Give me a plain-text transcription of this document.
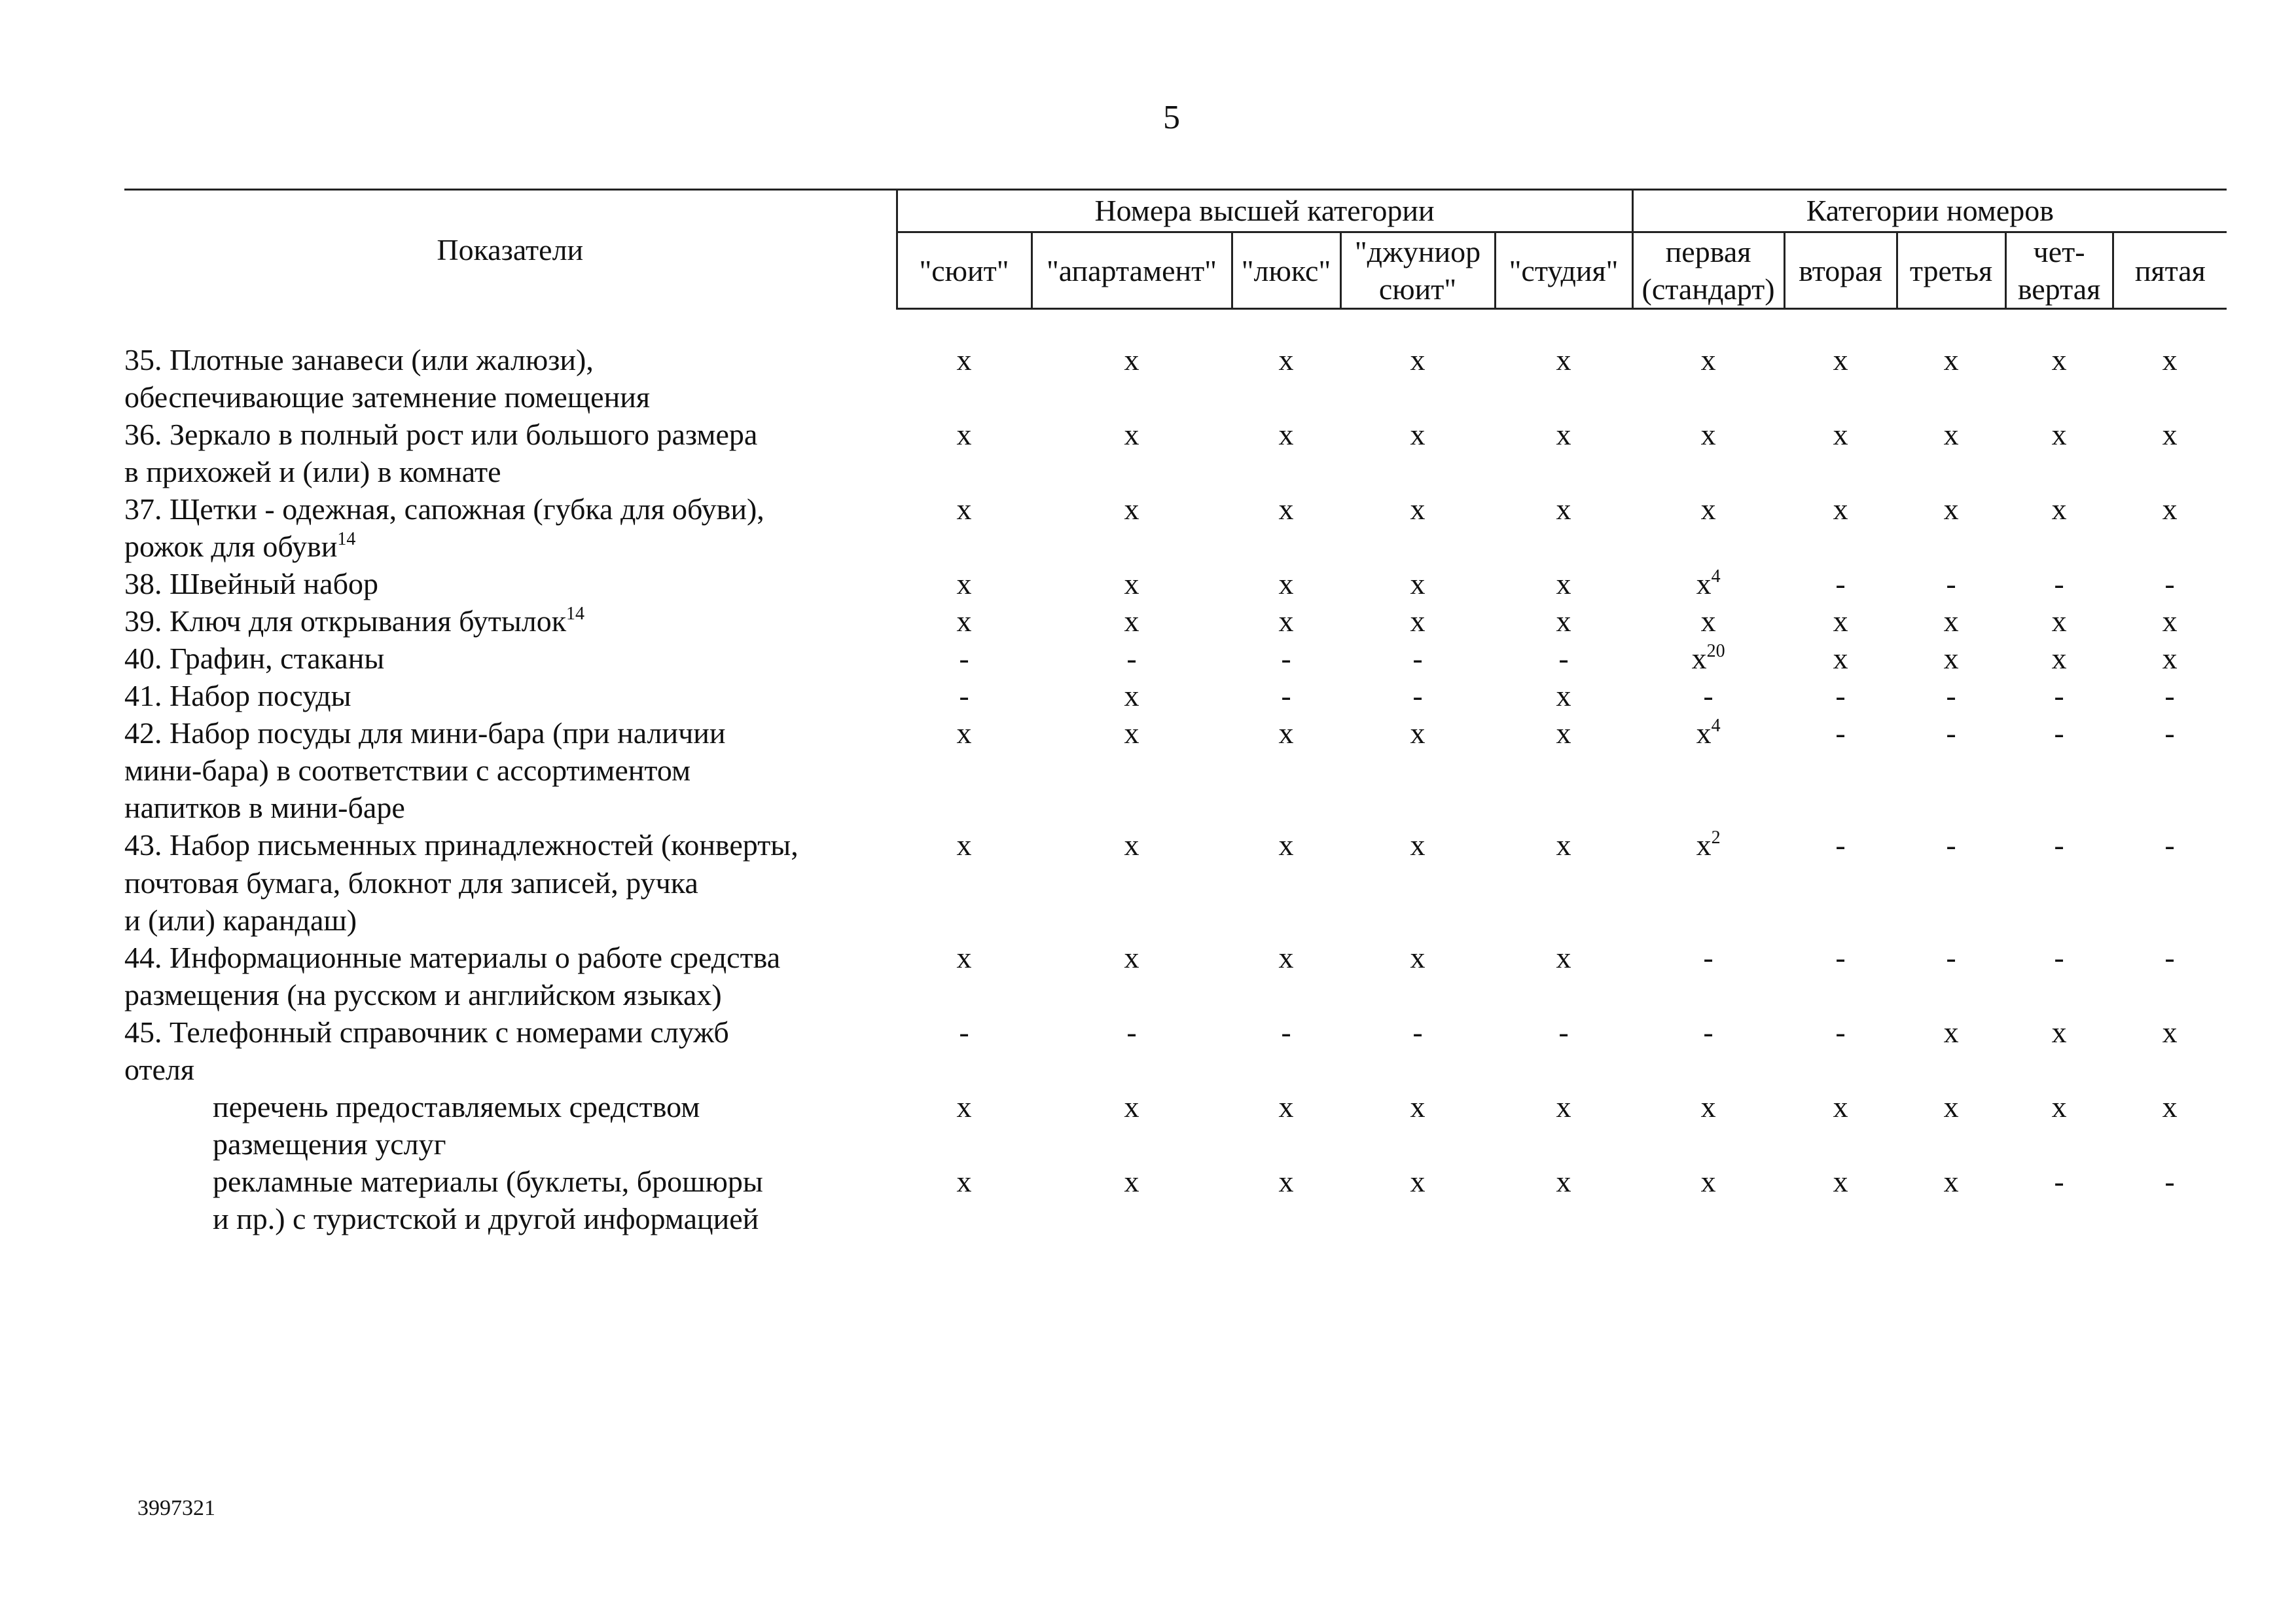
5
Показатели	Номера высшей категории					Категории номеров				

	"сюит"	"апартамент"	"люкс"	"джуниор
сюит"	"студия"	первая
(стандарт)	вторая	третья	чет-
вертая	пятая

35. Плотные занавеси (или жалюзи),
обеспечивающие затемнение помещения	x	x	x	x	x	x	x	x	x	x

36. Зеркало в полный рост или большого размера
в прихожей и (или) в комнате	x	x	x	x	x	x	x	x	x	x

37. Щетки - одежная, сапожная (губка для обуви),
рожок для обуви$^{14}$	x	x	x	x	x	x	x	x	x	x

38. Швейный набор	x	x	x	x	x	$x^4$	-	-	-	-

39. Ключ для открывания бутылок$^{14}$	x	x	x	x	x	x	x	x	x	x

40. Графин, стаканы	-	-	-	-	-	$x^{20}$	x	x	x	x

41. Набор посуды	-	x	-	-	x	-	-	-	-	-

42. Набор посуды для мини-бара (при наличии
мини-бара) в соответствии с ассортиментом
напитков в мини-баре	x	x	x	x	x	$x^4$	-	-	-	-

43. Набор письменных принадлежностей (конверты,
почтовая бумага, блокнот для записей, ручка
и (или) карандаш)	x	x	x	x	x	$x^2$	-	-	-	-

44. Информационные материалы о работе средства
размещения (на русском и английском языках)	x	x	x	x	x	-	-	-	-	-

45. Телефонный справочник с номерами служб
отеля	-	-	-	-	-	-	-	x	x	x

перечень предоставляемых средством
размещения услуг	x	x	x	x	x	x	x	x	x	x

рекламные материалы (буклеты, брошюры
и пр.) с туристской и другой информацией	x	x	x	x	x	x	x	x	-	-
3997321
